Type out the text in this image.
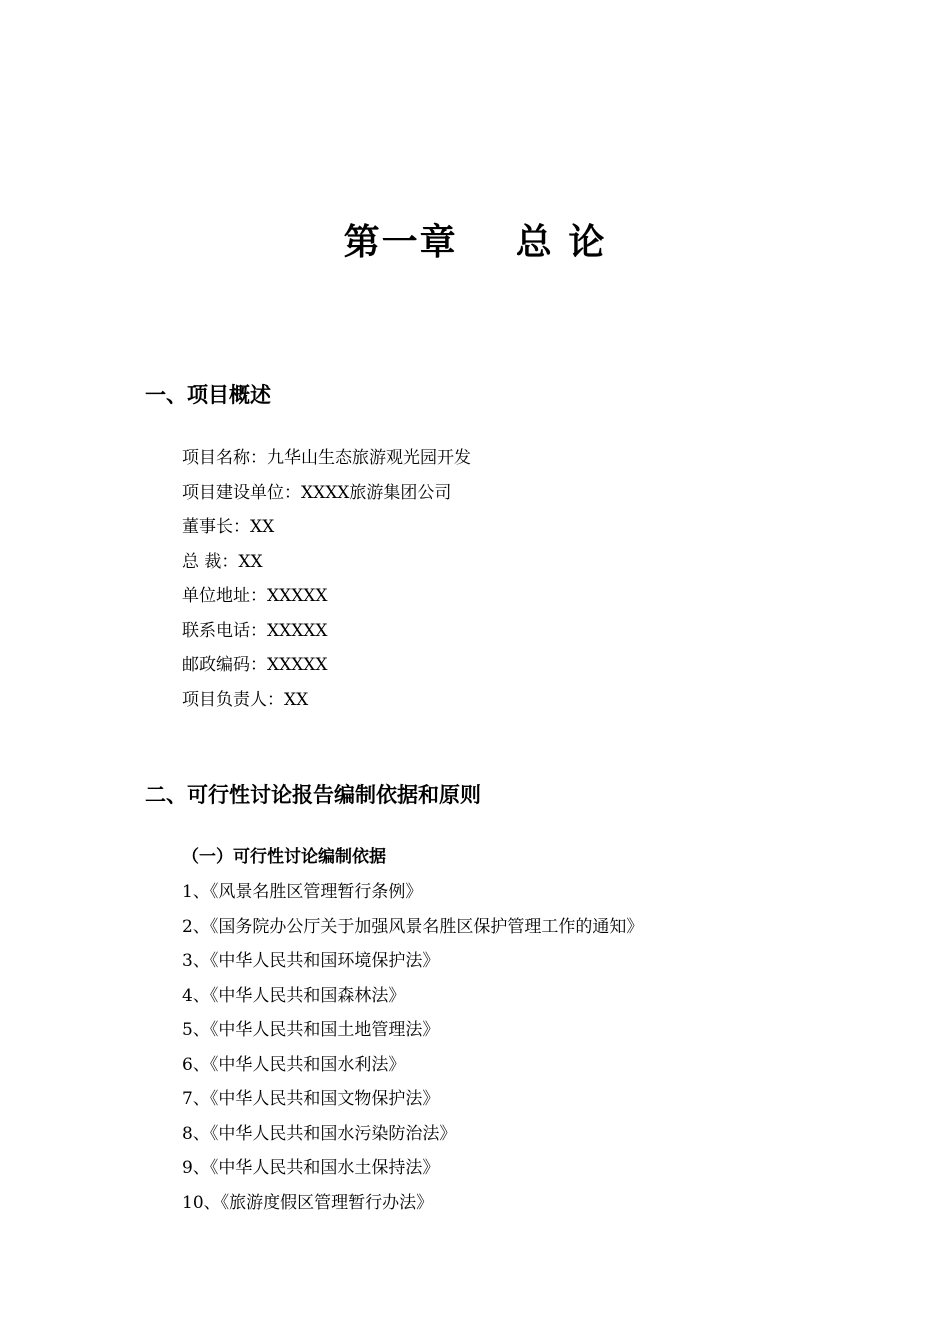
第一章    总 论
一、项目概述
项目名称：九华山生态旅游观光园开发
项目建设单位：XXXX旅游集团公司
董事长：XX
总 裁：XX
单位地址：XXXXX
联系电话：XXXXX
邮政编码：XXXXX
项目负责人：XX
二、可行性讨论报告编制依据和原则
（一）可行性讨论编制依据
1、《风景名胜区管理暂行条例》
2、《国务院办公厅关于加强风景名胜区保护管理工作的通知》
3、《中华人民共和国环境保护法》
4、《中华人民共和国森林法》
5、《中华人民共和国土地管理法》
6、《中华人民共和国水利法》
7、《中华人民共和国文物保护法》
8、《中华人民共和国水污染防治法》
9、《中华人民共和国水土保持法》
10、《旅游度假区管理暂行办法》
